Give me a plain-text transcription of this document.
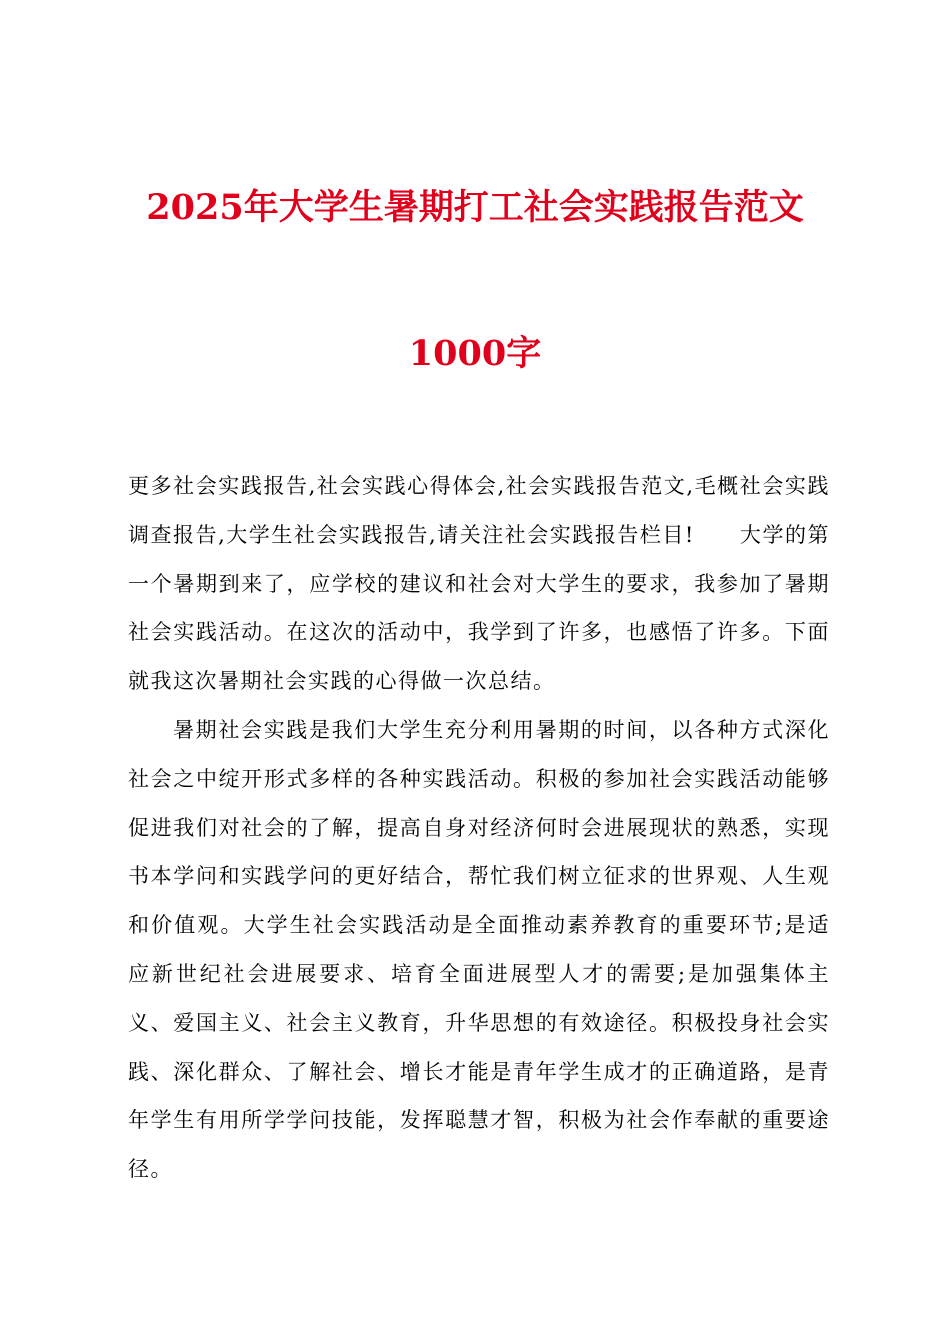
2025年大学生暑期打工社会实践报告范文
1000字

更多社会实践报告,社会实践心得体会,社会实践报告范文,毛概社会实践调查报告,大学生社会实践报告,请关注社会实践报告栏目!　　大学的第一个暑期到来了，应学校的建议和社会对大学生的要求，我参加了暑期社会实践活动。在这次的活动中，我学到了许多，也感悟了许多。下面就我这次暑期社会实践的心得做一次总结。

暑期社会实践是我们大学生充分利用暑期的时间，以各种方式深化社会之中绽开形式多样的各种实践活动。积极的参加社会实践活动能够促进我们对社会的了解，提高自身对经济何时会进展现状的熟悉，实现书本学问和实践学问的更好结合，帮忙我们树立征求的世界观、人生观和价值观。大学生社会实践活动是全面推动素养教育的重要环节;是适应新世纪社会进展要求、培育全面进展型人才的需要;是加强集体主义、爱国主义、社会主义教育，升华思想的有效途径。积极投身社会实践、深化群众、了解社会、增长才能是青年学生成才的正确道路，是青年学生有用所学学问技能，发挥聪慧才智，积极为社会作奉献的重要途径。
